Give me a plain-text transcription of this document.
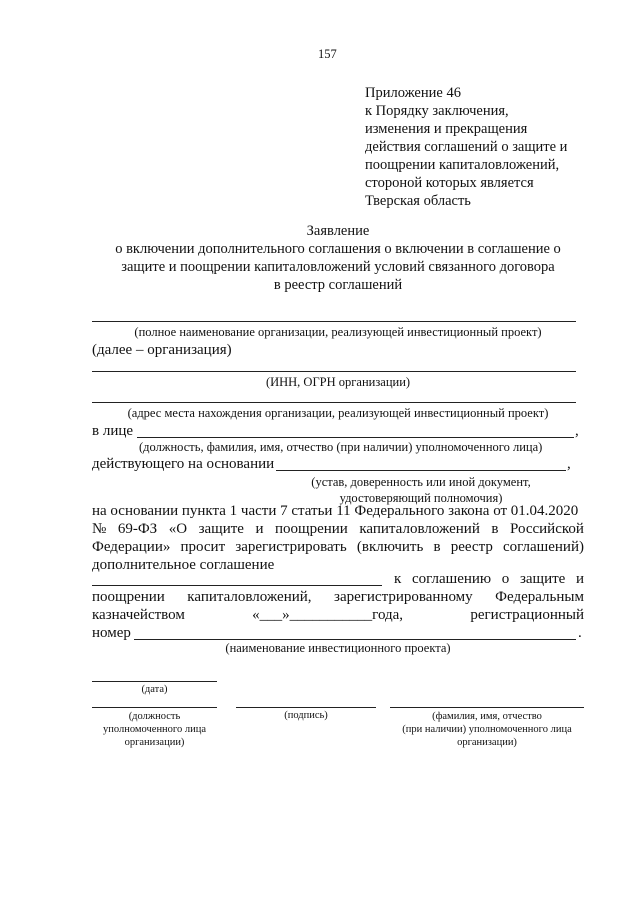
157
Приложение 46
к Порядку заключения,
изменения и прекращения
действия соглашений о защите и
поощрении капиталовложений,
стороной которых является
Тверская область
Заявление
о включении дополнительного соглашения о включении в соглашение о
защите и поощрении капиталовложений условий связанного договора
в реестр соглашений
(полное наименование организации, реализующей инвестиционный проект)
(далее – организация)
(ИНН, ОГРН организации)
(адрес места нахождения организации, реализующей инвестиционный проект)
в лице	,
(должность, фамилия, имя, отчество (при наличии) уполномоченного лица)
действующего на основании	,
(устав, доверенность или иной документ,
удостоверяющий полномочия)
на основании пункта 1 части 7 статьи 11 Федерального закона от 01.04.2020
№ 69-ФЗ «О защите и поощрении капиталовложений в Российской
Федерации» просит зарегистрировать (включить в реестр соглашений)
дополнительное соглашение
к соглашению о защите и
поощрении капиталовложений, зарегистрированному Федеральным
казначейством	«___»___________года,	регистрационный
номер	.
(наименование инвестиционного проекта)
(дата)
(должность
уполномоченного лица
организации)
(подпись)	(фамилия, имя, отчество
(при наличии) уполномоченного лица
организации)
